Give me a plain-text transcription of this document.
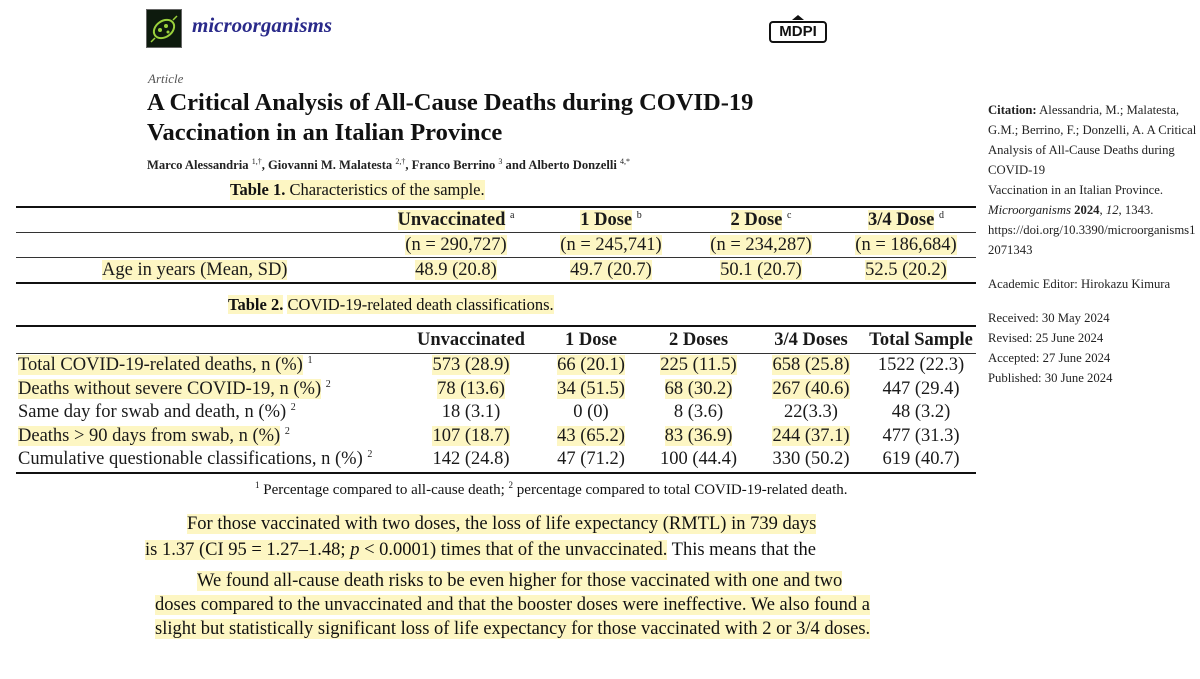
microorganisms	MDPI
Article
A Critical Analysis of All-Cause Deaths during COVID-19
Vaccination in an Italian Province
Marco Alessandria $^{1,\dagger}$, Giovanni M. Malatesta $^{2,\dagger}$, Franco Berrino $^3$ and Alberto Donzelli $^{4,*}$

Citation: Alessandria, M.; Malatesta, G.M.; Berrino, F.; Donzelli, A. A Critical Analysis of All-Cause Deaths during COVID-19

Vaccination in an Italian Province. Microorganisms 2024, 12, 1343.

https://doi.org/10.3390/microorganisms12071343

Academic Editor: Hirokazu Kimura

Received: 30 May 2024

Revised: 25 June 2024

Accepted: 27 June 2024

Published: 30 June 2024

Table 1. Characteristics of the sample.
	Unvaccinated $^a$	1 Dose $^b$	2 Dose $^c$	3/4 Dose $^d$
	(n = 290,727)	(n = 245,741)	(n = 234,287)	(n = 186,684)
Age in years (Mean, SD)	48.9 (20.8)	49.7 (20.7)	50.1 (20.7)	52.5 (20.2)
Table 2. COVID-19-related death classifications.
	Unvaccinated	1 Dose	2 Doses	3/4 Doses	Total Sample
Total COVID-19-related deaths, n (%) $^1$	573 (28.9)	66 (20.1)	225 (11.5)	658 (25.8)	1522 (22.3)
Deaths without severe COVID-19, n (%) $^2$	78 (13.6)	34 (51.5)	68 (30.2)	267 (40.6)	447 (29.4)
Same day for swab and death, n (%) $^2$	18 (3.1)	0 (0)	8 (3.6)	22(3.3)	48 (3.2)
Deaths > 90 days from swab, n (%) $^2$	107 (18.7)	43 (65.2)	83 (36.9)	244 (37.1)	477 (31.3)
Cumulative questionable classifications, n (%) $^2$	142 (24.8)	47 (71.2)	100 (44.4)	330 (50.2)	619 (40.7)
$^1$ Percentage compared to all-cause death; $^2$ percentage compared to total COVID-19-related death.
For those vaccinated with two doses, the loss of life expectancy (RMTL) in 739 days
is 1.37 (CI 95 = 1.27–1.48; p < 0.0001) times that of the unvaccinated. This means that the
We found all-cause death risks to be even higher for those vaccinated with one and two doses compared to the unvaccinated and that the booster doses were ineffective. We also found a slight but statistically significant loss of life expectancy for those vaccinated with 2 or 3/4 doses.
